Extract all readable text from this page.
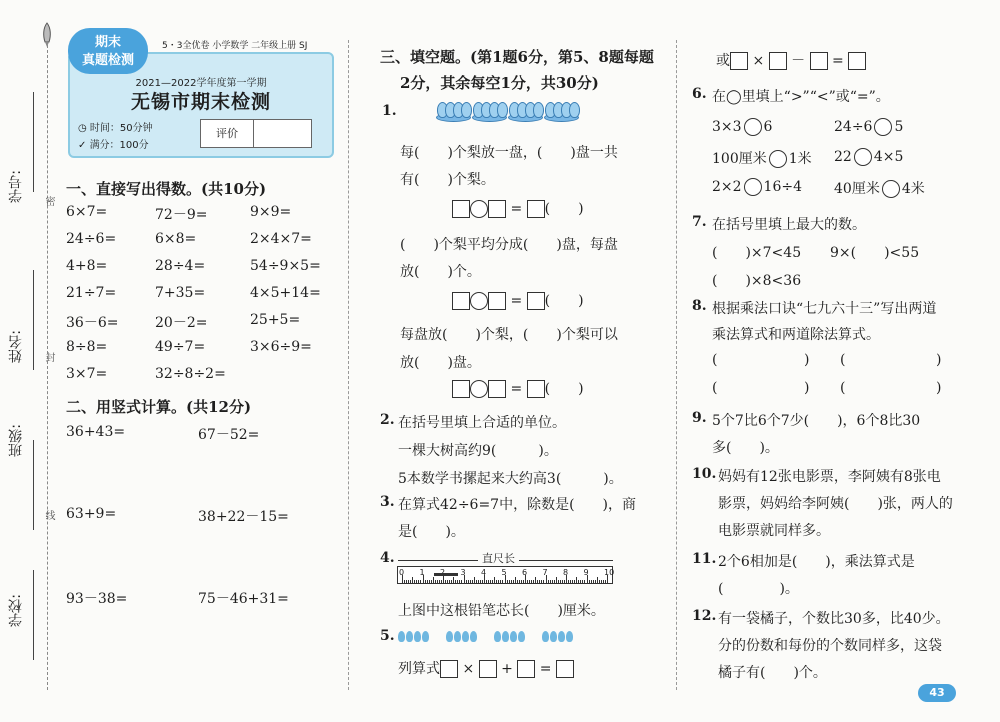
学号:
姓名:
班级:
学校:
密
封
线
2021—2022学年度第一学期
无锡市期末检测
◷ 时间：50分钟
✓ 满分：100分
评价
期末
真题检测
5・3全优卷 小学数学 二年级上册 SJ
一、直接写出得数。(共10分)
6×7=	72－9=	9×9=
24÷6=	6×8=	2×4×7=
4+8=	28÷4=	54÷9×5=
21÷7=	7+35=	4×5+14=
36－6=	20－2=	25+5=
8÷8=	49÷7=	3×6÷9=
3×7=	32÷8÷2=
二、用竖式计算。(共12分)
36+43=	67－52=
63+9=	38+22－15=
93－38=	75－46+31=
三、填空题。(第1题6分，第5、8题每题
2分，其余每空1分，共30分)
1.
每(　　)个梨放一盘，(　　)盘一共
有(　　)个梨。
= (　　)
(　　)个梨平均分成(　　)盘，每盘
放(　　)个。
= (　　)
每盘放(　　)个梨，(　　)个梨可以
放(　　)盘。
= (　　)
2. 在括号里填上合适的单位。
一棵大树高约9(　　　)。
5本数学书摞起来大约高3(　　　)。
3. 在算式42÷6=7中，除数是(　　)，商
是(　　)。
4.	直尺长
0 1	3 4 5 6 7 8 9 10
上图中这根铅笔芯长(　　)厘米。
5.
列算式 ×  +  =
或 ×  －  =
6. 在◯里填上“>”“<”或“=”。
3×3 6	24÷6 5
100厘米 1米 22 4×5
2×2 16÷4 40厘米 4米
7. 在括号里填上最大的数。
(　　)×7<45 9×(　　)<55
(　　)×8<36
8. 根据乘法口诀“七九六十三”写出两道
乘法算式和两道除法算式。
(	) (	)
(	) (	)
9. 5个7比6个7少(　　)，6个8比30
多(　　)。
10. 妈妈有12张电影票，李阿姨有8张电
影票，妈妈给李阿姨(　　)张，两人的
电影票就同样多。
11. 2个6相加是(　　)，乘法算式是
(　　　　)。
12. 有一袋橘子，个数比30多，比40少。
分的份数和每份的个数同样多，这袋
橘子有(　　)个。
43
